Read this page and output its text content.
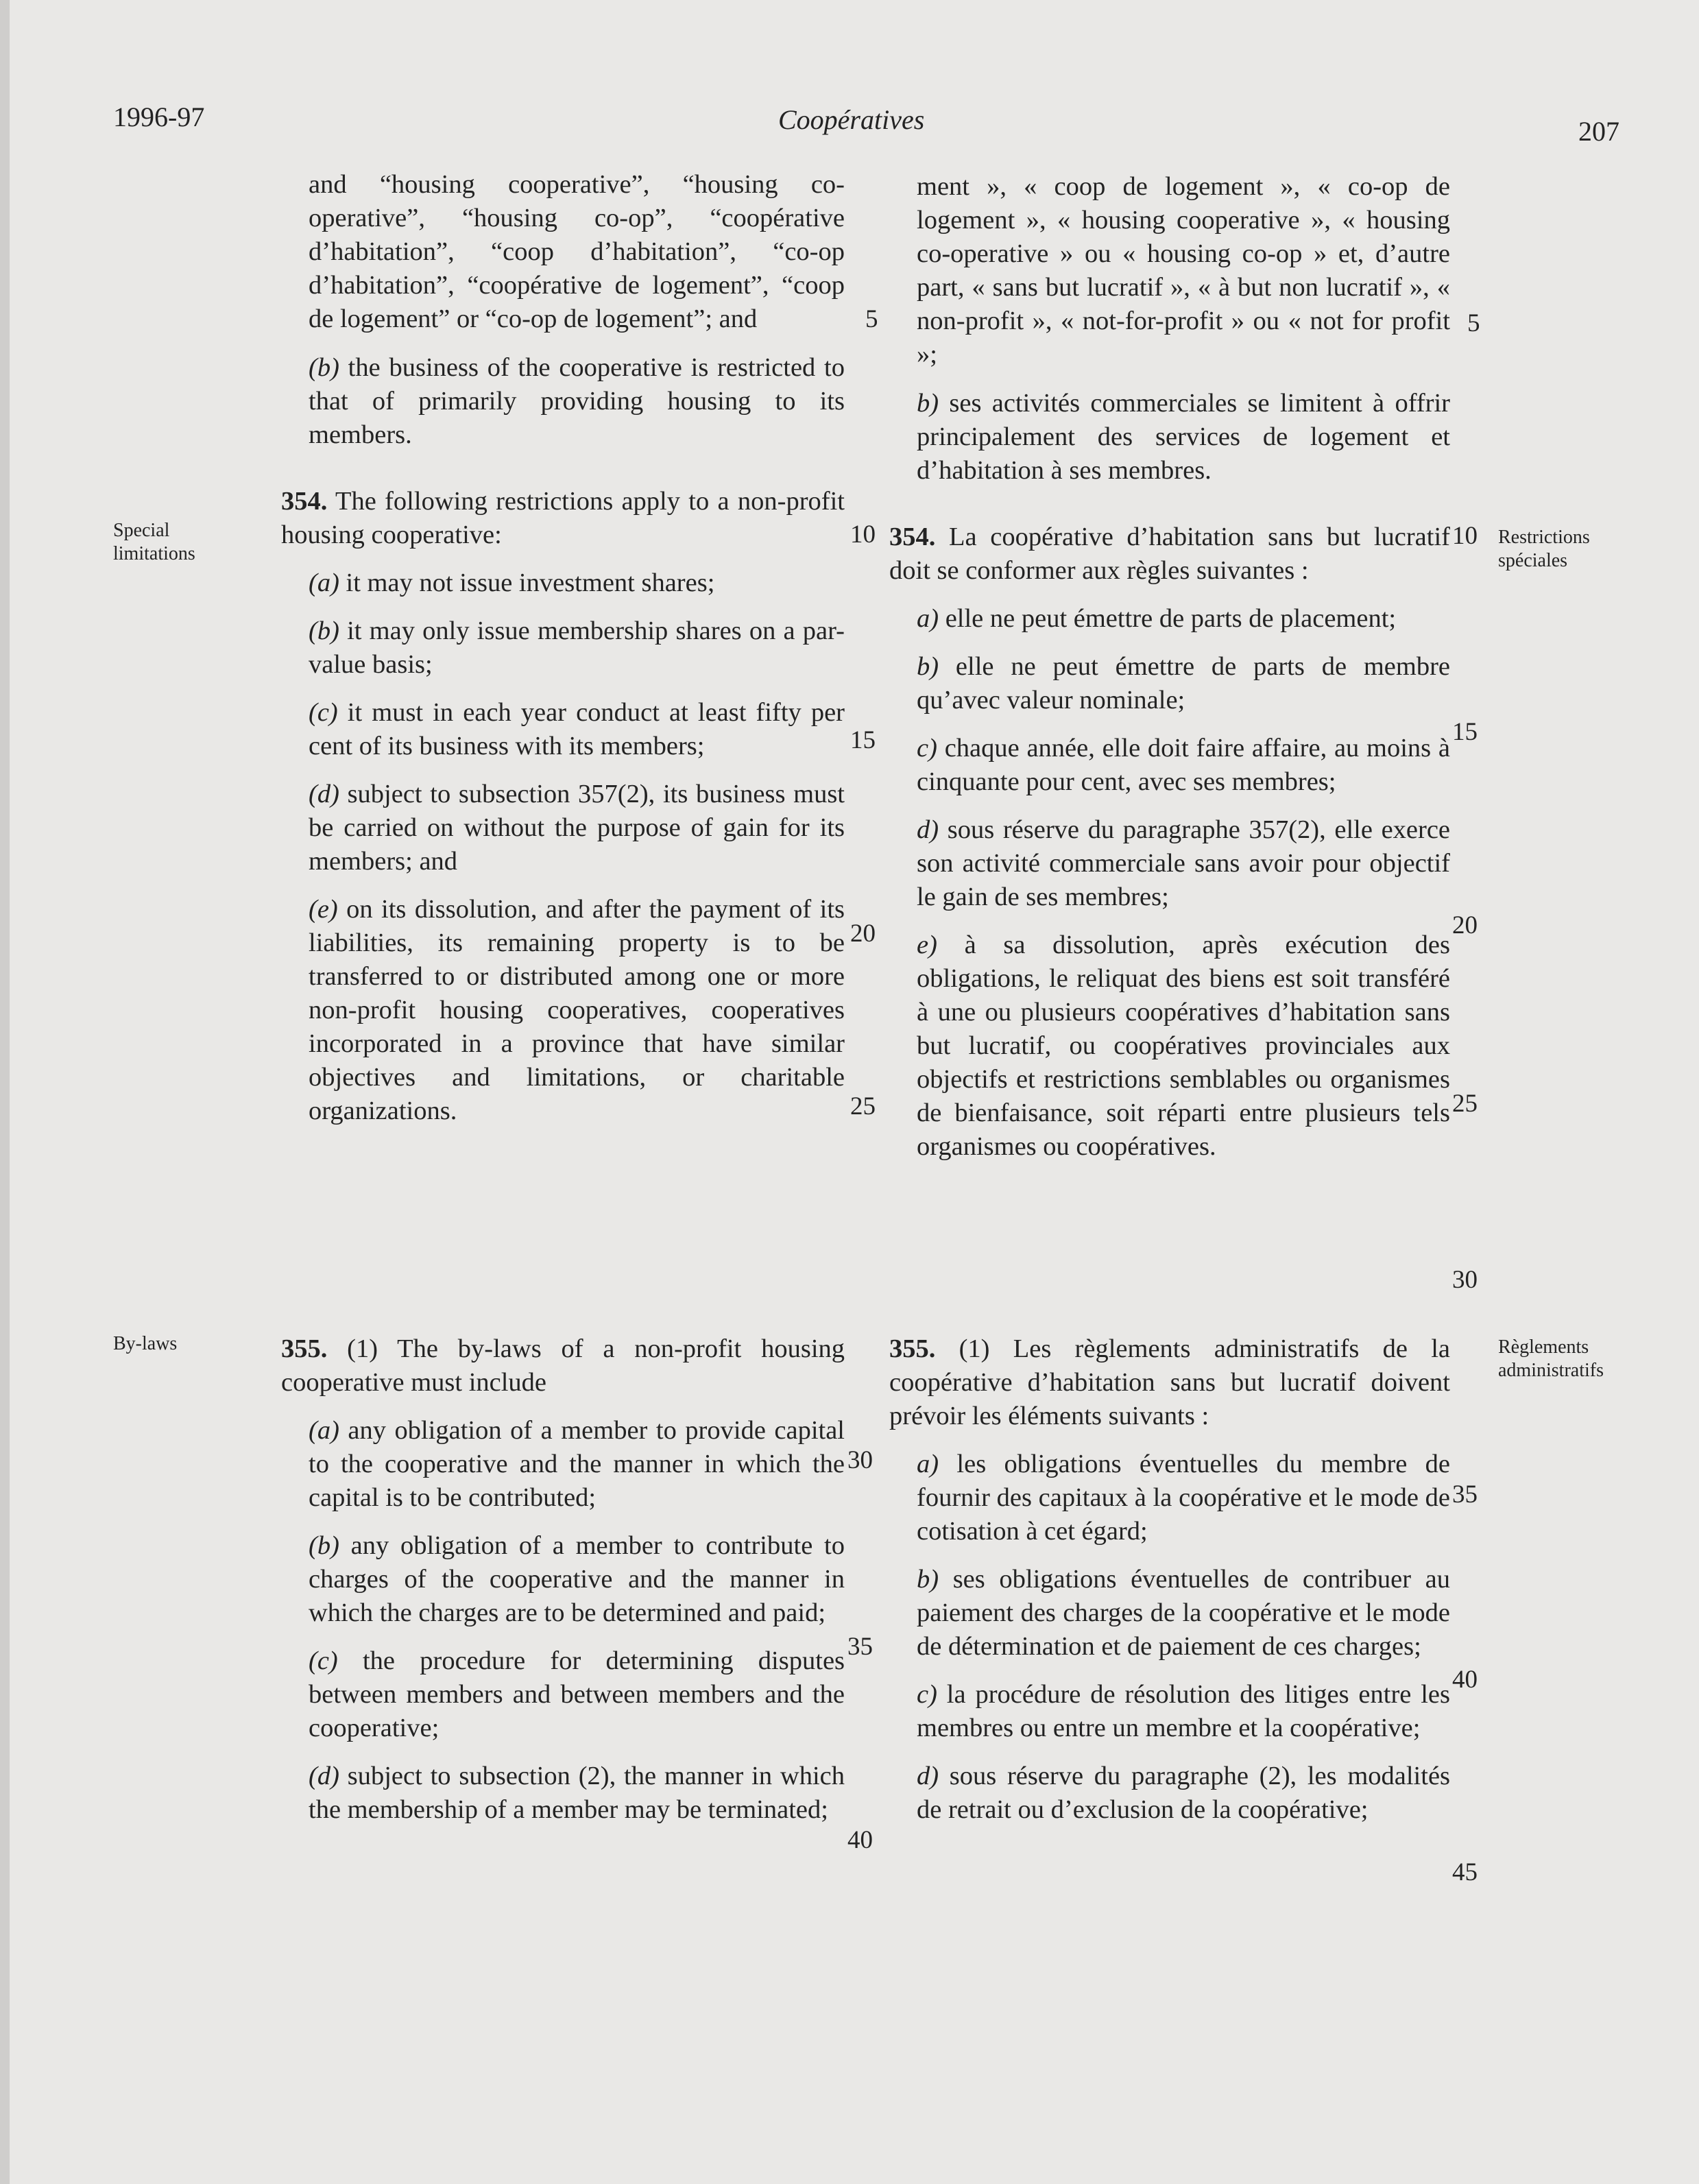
1996-97	Coopératives	207
Special limitations
Restrictions spéciales
By-laws	Règlements administratifs

and “housing cooperative”, “housing co-operative”, “housing co-op”, “coopérative d’habitation”, “coop d’habitation”, “co-op d’habitation”, “coopérative de logement”, “coop de logement” or “co-op de logement”; and

(b) the business of the cooperative is restricted to that of primarily providing housing to its members.

354. The following restrictions apply to a non-profit housing cooperative:

(a) it may not issue investment shares;

(b) it may only issue membership shares on a par-value basis;

(c) it must in each year conduct at least fifty per cent of its business with its members;

(d) subject to subsection 357(2), its business must be carried on without the purpose of gain for its members; and

(e) on its dissolution, and after the payment of its liabilities, its remaining property is to be transferred to or distributed among one or more non-profit housing cooperatives, cooperatives incorporated in a province that have similar objectives and limitations, or charitable organizations.

355. (1) The by-laws of a non-profit housing cooperative must include

(a) any obligation of a member to provide capital to the cooperative and the manner in which the capital is to be contributed;

(b) any obligation of a member to contribute to charges of the cooperative and the manner in which the charges are to be determined and paid;

(c) the procedure for determining disputes between members and between members and the cooperative;

(d) subject to subsection (2), the manner in which the membership of a member may be terminated;

ment », « coop de logement », « co-op de logement », « housing cooperative », « housing co-operative » ou « housing co-op » et, d’autre part, « sans but lucratif », « à but non lucratif », « non-profit », « not-for-profit » ou « not for profit »;

b) ses activités commerciales se limitent à offrir principalement des services de logement et d’habitation à ses membres.

354. La coopérative d’habitation sans but lucratif doit se conformer aux règles suivantes :

a) elle ne peut émettre de parts de placement;

b) elle ne peut émettre de parts de membre qu’avec valeur nominale;

c) chaque année, elle doit faire affaire, au moins à cinquante pour cent, avec ses membres;

d) sous réserve du paragraphe 357(2), elle exerce son activité commerciale sans avoir pour objectif le gain de ses membres;

e) à sa dissolution, après exécution des obligations, le reliquat des biens est soit transféré à une ou plusieurs coopératives d’habitation sans but lucratif, ou coopératives provinciales aux objectifs et restrictions semblables ou organismes de bienfaisance, soit réparti entre plusieurs tels organismes ou coopératives.

355. (1) Les règlements administratifs de la coopérative d’habitation sans but lucratif doivent prévoir les éléments suivants :

a) les obligations éventuelles du membre de fournir des capitaux à la coopérative et le mode de cotisation à cet égard;

b) ses obligations éventuelles de contribuer au paiement des charges de la coopérative et le mode de détermination et de paiement de ces charges;

c) la procédure de résolution des litiges entre les membres ou entre un membre et la coopérative;

d) sous réserve du paragraphe (2), les modalités de retrait ou d’exclusion de la coopérative;

5
10
15
20
25
30
35
40
5
10
15
20
25
30
35
40
45
